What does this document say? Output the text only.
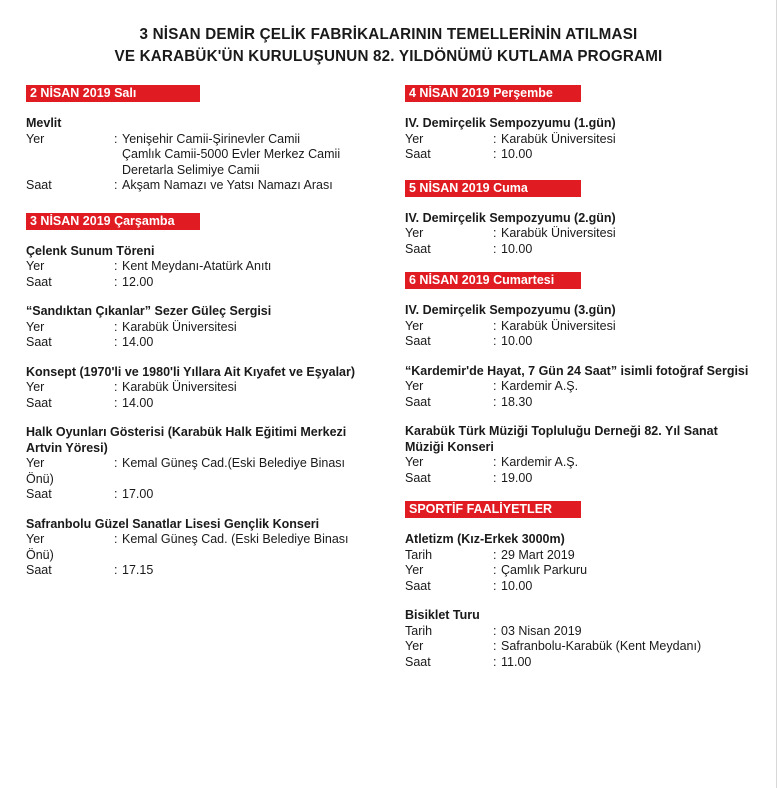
3 NİSAN DEMİR ÇELİK FABRİKALARININ TEMELLERİNİN ATILMASI
VE KARABÜK'ÜN KURULUŞUNUN 82. YILDÖNÜMÜ KUTLAMA PROGRAMI
2 NİSAN 2019 Salı
Mevlit
Yer	: Yenişehir Camii-Şirinevler Camii
Çamlık Camii-5000 Evler Merkez Camii
Deretarla Selimiye Camii
Saat	: Akşam Namazı ve Yatsı Namazı Arası
3 NİSAN 2019 Çarşamba
Çelenk Sunum Töreni
Yer	: Kent Meydanı-Atatürk Anıtı
Saat	: 12.00
“Sandıktan Çıkanlar” Sezer Güleç Sergisi
Yer	: Karabük Üniversitesi
Saat	: 14.00
Konsept (1970'li ve 1980'li Yıllara Ait Kıyafet ve Eşyalar)
Yer	: Karabük Üniversitesi
Saat	: 14.00
Halk Oyunları Gösterisi (Karabük Halk Eğitimi Merkezi Artvin Yöresi)
Yer	: Kemal Güneş Cad.(Eski Belediye Binası
Önü)
Saat	: 17.00
Safranbolu Güzel Sanatlar Lisesi Gençlik Konseri
Yer	: Kemal Güneş Cad. (Eski Belediye Binası
Önü)
Saat	: 17.15
4 NİSAN 2019 Perşembe
IV. Demirçelik Sempozyumu (1.gün)
Yer	: Karabük Üniversitesi
Saat	: 10.00
5 NİSAN 2019 Cuma
IV. Demirçelik Sempozyumu (2.gün)
Yer	: Karabük Üniversitesi
Saat	: 10.00
6 NİSAN 2019 Cumartesi
IV. Demirçelik Sempozyumu (3.gün)
Yer	: Karabük Üniversitesi
Saat	: 10.00
“Kardemir'de Hayat, 7 Gün 24 Saat” isimli fotoğraf Sergisi
Yer	: Kardemir A.Ş.
Saat	: 18.30
Karabük Türk Müziği Topluluğu Derneği 82. Yıl Sanat Müziği Konseri
Yer	: Kardemir A.Ş.
Saat	: 19.00
SPORTİF FAALİYETLER
Atletizm (Kız-Erkek 3000m)
Tarih	: 29 Mart 2019
Yer	: Çamlık Parkuru
Saat	: 10.00
Bisiklet Turu
Tarih	: 03 Nisan 2019
Yer	: Safranbolu-Karabük (Kent Meydanı)
Saat	: 11.00
